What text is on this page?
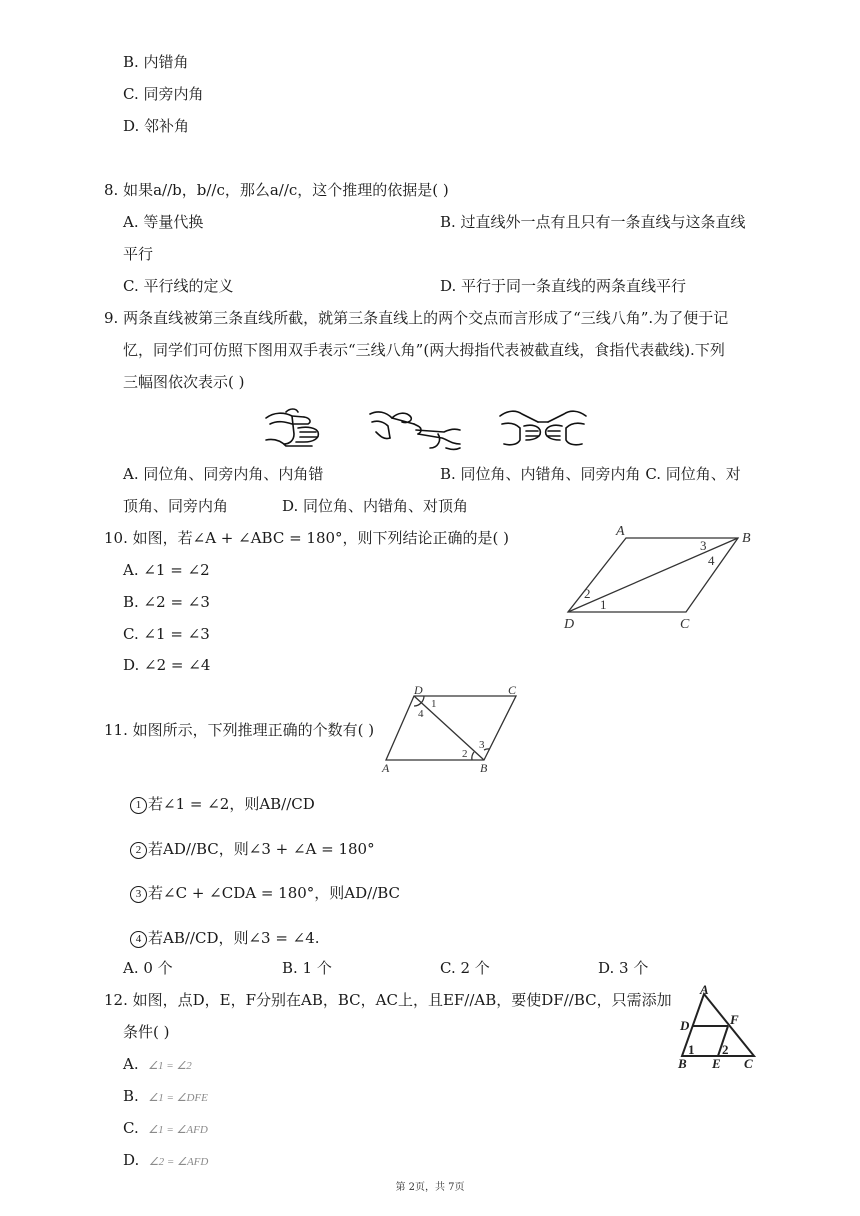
B. 内错角
C. 同旁内角
D. 邻补角
8. 如果a//b，b//c，那么a//c，这个推理的依据是( )
A. 等量代换	B. 过直线外一点有且只有一条直线与这条直线
平行
C. 平行线的定义	D. 平行于同一条直线的两条直线平行
9. 两条直线被第三条直线所截，就第三条直线上的两个交点而言形成了“三线八角”.为了便于记
忆，同学们可仿照下图用双手表示“三线八角”(两大拇指代表被截直线，食指代表截线).下列
三幅图依次表示( )
A. 同位角、同旁内角、内角错	B. 同位角、内错角、同旁内角 C. 同位角、对
顶角、同旁内角	D. 同位角、内错角、对顶角
10. 如图，若∠A + ∠ABC = 180°，则下列结论正确的是( )
A. ∠1 = ∠2
B. ∠2 = ∠3
C. ∠1 = ∠3
D. ∠2 = ∠4
A	B
C
D
1
2
3
4
11. 如图所示，下列推理正确的个数有( )
D	C
A	B
1
2
3
4
1 若∠1 = ∠2，则AB//CD
2 若AD//BC，则∠3 + ∠A = 180°
3 若∠C + ∠CDA = 180°，则AD//BC
4 若AB//CD，则∠3 = ∠4.
A. 0 个	B. 1 个	C. 2 个	D. 3 个
12. 如图，点D，E，F分别在AB，BC，AC上，且EF//AB，要使DF//BC，只需添加
条件( )
A
D	F
B E C
1 2
A. ∠1 = ∠2
B. ∠1 = ∠DFE
C. ∠1 = ∠AFD
D. ∠2 = ∠AFD
第 2页，共 7页
